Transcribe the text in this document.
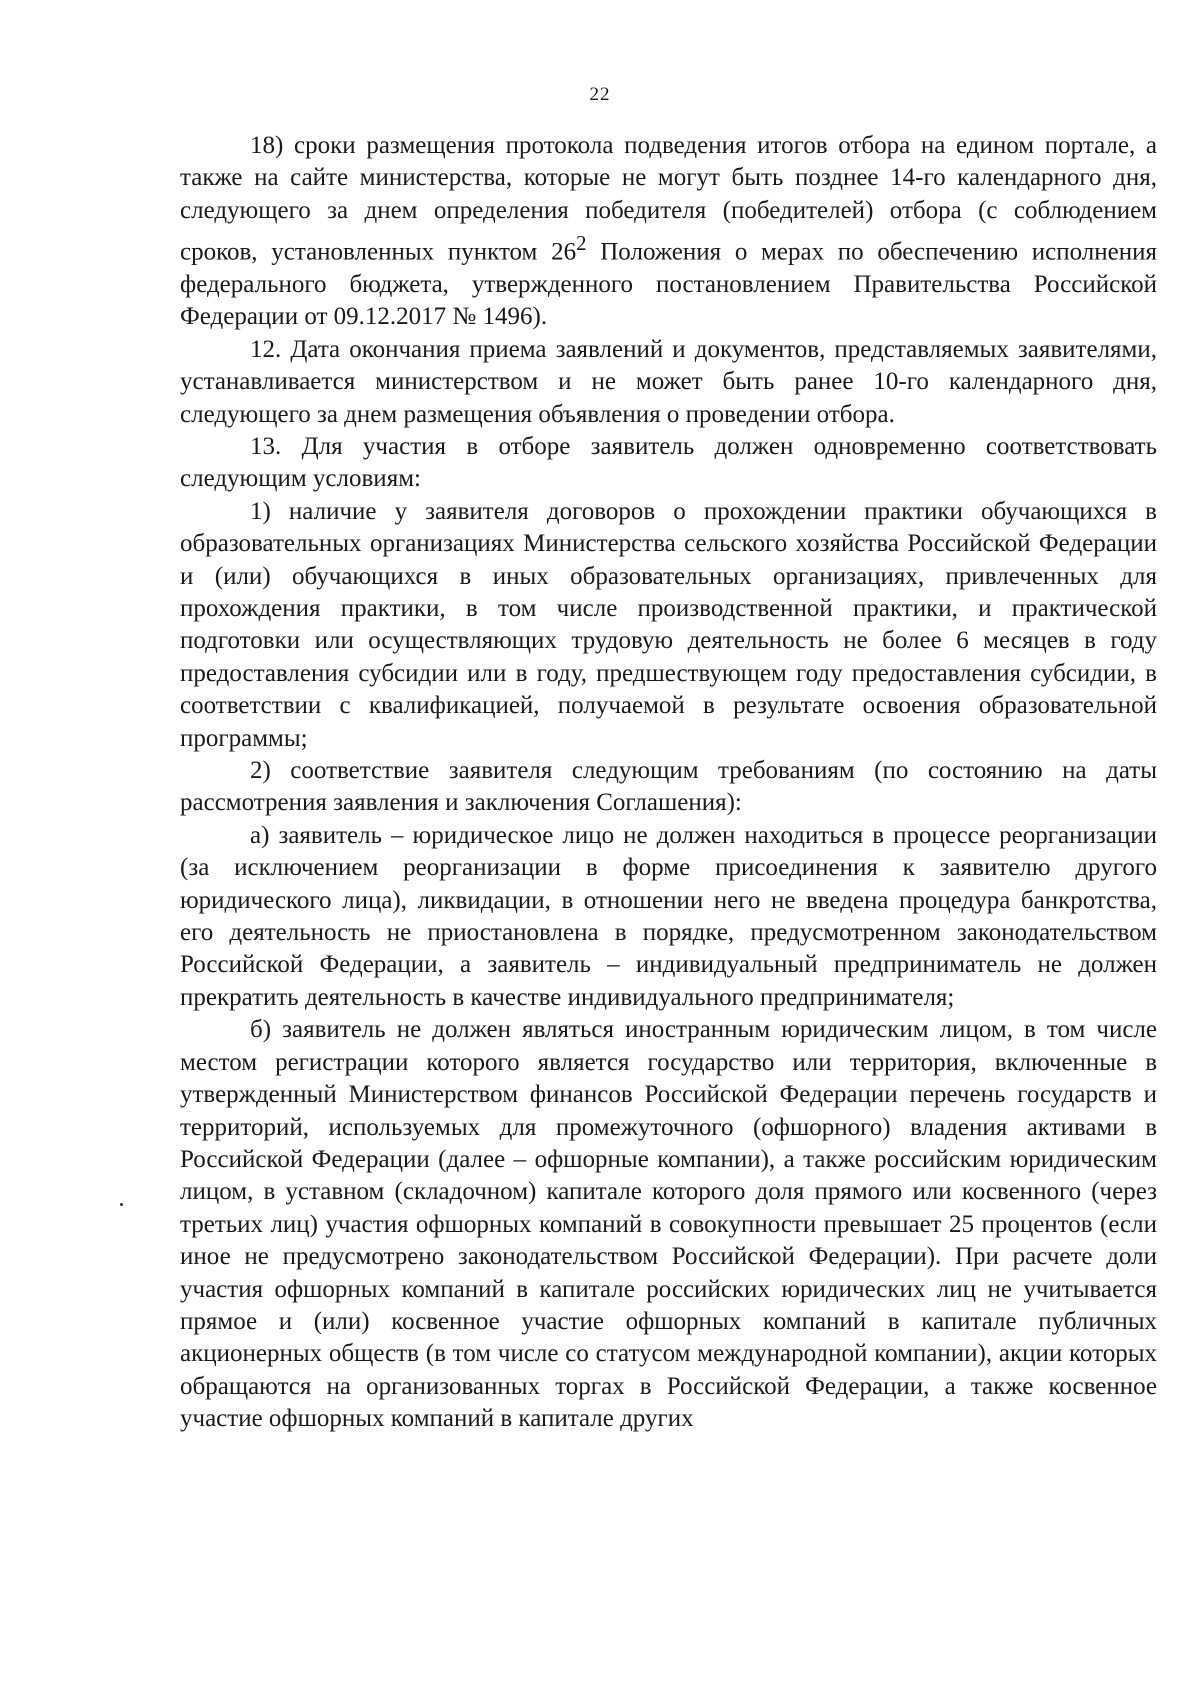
22

18) сроки размещения протокола подведения итогов отбора на едином портале, а также на сайте министерства, которые не могут быть позднее 14-го календарного дня, следующего за днем определения победителя (победителей) отбора (с соблюдением сроков, установленных пунктом $26^2$ Положения о мерах по обеспечению исполнения федерального бюджета, утвержденного постановлением Правительства Российской Федерации от 09.12.2017 № 1496).

12. Дата окончания приема заявлений и документов, представляемых заявителями, устанавливается министерством и не может быть ранее 10-го календарного дня, следующего за днем размещения объявления о проведении отбора.

13. Для участия в отборе заявитель должен одновременно соответствовать следующим условиям:

1) наличие у заявителя договоров о прохождении практики обучающихся в образовательных организациях Министерства сельского хозяйства Российской Федерации и (или) обучающихся в иных образовательных организациях, привлеченных для прохождения практики, в том числе производственной практики, и практической подготовки или осуществляющих трудовую деятельность не более 6 месяцев в году предоставления субсидии или в году, предшествующем году предоставления субсидии, в соответствии с квалификацией, получаемой в результате освоения образовательной программы;

2) соответствие заявителя следующим требованиям (по состоянию на даты рассмотрения заявления и заключения Соглашения):

а) заявитель – юридическое лицо не должен находиться в процессе реорганизации (за исключением реорганизации в форме присоединения к заявителю другого юридического лица), ликвидации, в отношении него не введена процедура банкротства, его деятельность не приостановлена в порядке, предусмотренном законодательством Российской Федерации, а заявитель – индивидуальный предприниматель не должен прекратить деятельность в качестве индивидуального предпринимателя;

б) заявитель не должен являться иностранным юридическим лицом, в том числе местом регистрации которого является государство или территория, включенные в утвержденный Министерством финансов Российской Федерации перечень государств и территорий, используемых для промежуточного (офшорного) владения активами в Российской Федерации (далее – офшорные компании), а также российским юридическим лицом, в уставном (складочном) капитале которого доля прямого или косвенного (через третьих лиц) участия офшорных компаний в совокупности превышает 25 процентов (если иное не предусмотрено законодательством Российской Федерации). При расчете доли участия офшорных компаний в капитале российских юридических лиц не учитывается прямое и (или) косвенное участие офшорных компаний в капитале публичных акционерных обществ (в том числе со статусом международной компании), акции которых обращаются на организованных торгах в Российской Федерации, а также косвенное участие офшорных компаний в капитале других
